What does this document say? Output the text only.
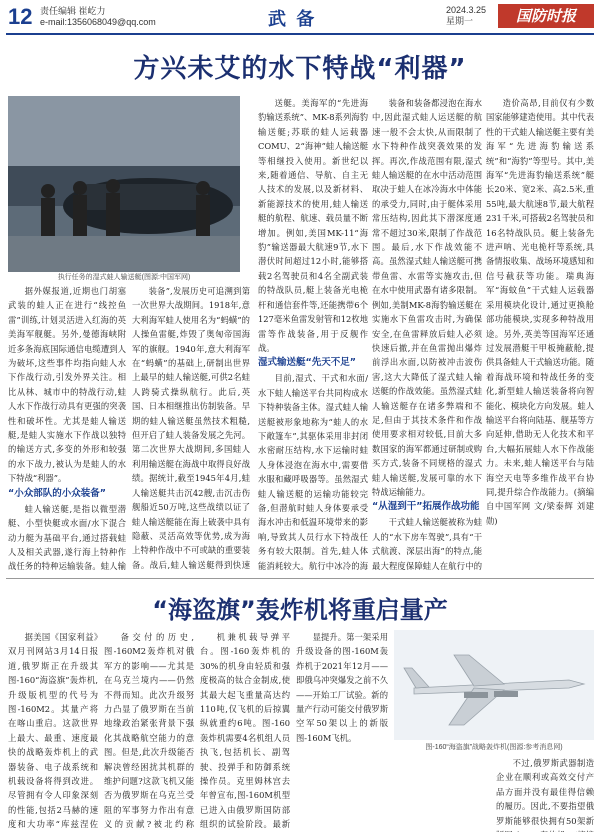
12 责任编辑 崔屹力
e-mail:1356068049@qq.com	武 备	2024.3.25
星期一	国防时报
方兴未艾的水下特战“利器”
执行任务的湿式蛙人输送艇(图源:中国军网)

送艇。美海军的“先进海豹输送系统”、MK-8系列海豹输送艇;苏联的蛙人运载器COMU、2“海神”蛙人输送艇等相继投入使用。新世纪以来,随着通信、导航、自主无人技术的发展,以及新材料、新能源技术的使用,蛙人输送艇的航程、航速、载员量不断增加。例如,美国MK-11“海豹”输送器最大航速9节,水下潜伏时间超过12小时,能够搭载2名驾驶员和4名全副武装的特战队员,艇上装备光电桅杆和通信套件等,还能携带6个127毫米鱼雷发射管和12枚地雷等作战装备,用于反舰作战。

湿式输送艇“先天不足”

目前,湿式、干式和水面/水下蛙人输送平台共同构成水下特种装备主体。湿式蛙人输送艇被形象地称为“蛙人的水下敞篷车”,其驱体采用非封闭水密耐压结构,水下运输时蛙人身体浸泡在海水中,需要借水服和藏呼吸器等。虽然湿式蛙人输送艇的运输功能较完备,但潜航时蛙人身体要承受海水冲击和低温环境带来的影响,导致其人员行水下特战任务有较大限制。首先,蛙人体能消耗较大。航行中冰冷的海

装备和装备都浸泡在海水中,因此湿式蛙人运送艇的航速一般不会太快,从而限制了水下特种作战突袭效果的发挥。再次,作战范围有限,湿式蛙人输送艇的在水中活动范围取决于蛙人在冰冷海水中体能的承受力,同时,由于艇体采用常压结构,因此其下潜深度通常不超过30米,限制了作战范围。最后,水下作战效能不高。虽然湿式蛙人输送艇可携带鱼雷、水雷等实施攻击,但在水中使用武器有诸多限制。例如,美制MK-8海豹输送艇在实施水下鱼雷攻击时,为确保安全,在鱼雷释放后蛙人必须快速后撤,并在鱼雷抛出爆炸前浮出水面,以防被冲击波伤害,这大大降低了湿式蛙人输送艇的作战效能。虽然湿式蛙人输送艇存在诸多弊端和不足,但由于其技术条件和作战使用要求相对较低,目前大多数国家的海军都通过研制或购买方式,装备不同规格的湿式蛙人输送艇,发展可靠的水下特战运输能力。

“从湿到干”拓展作战功能

干式蛙人输送艇被称为蛙人的“水下房车驾驶”,具有“干式航渡、深层出海”的特点,能最大程度保障蛙人在航行中的

造价高昂,目前仅有少数国家能够建造使用。其中代表性的干式蛙人输送艇主要有美海军“先进海豹输送系统”和“海豹”等型号。其中,美海军“先进海豹输送系统”艇长20米、宽2米、高2.5米,重55吨,最大航速8节,最大航程231千米,可搭载2名驾驶员和16名特战队员。艇上装备先进声呐、光电桅杆等系统,具备情报收集、战场环境感知和信号截获等功能。瑞典海军“海蚊鱼”干式蛙人运载器采用模块化设计,通过更换舱部功能模块,实现多种特战用途。另外,英美等国海军还通过发展潜艇干甲板掩蔽舱,提供具备蛙人干式输送功能。随着海战环境和特战任务的变化,新型蛙人输送装备将向智能化、模块化方向发展。蛙人输送平台将向陆基、舰基等方向延伸,借助无人化技术和平台,大幅拓展蛙人水下作战能力。未来,蛙人输送平台与陆海空天电等多维作战平台协同,提升综合作战能力。(摘编自中国军网 文/梁泰辉 刘建勋)

据外媒报道,近期也门胡塞武装的蛙人正在进行“线控鱼雷”训练,计划灵活进入红海的英美海军舰艇。另外,曼德海峡附近多条海底国际通信电缆遭到人为破坏,这些事件均指向蛙人水下作战行动,引发外界关注。相比从林、城市中的特战行动,蛙人水下作战行动具有更强的突袭性和破坏性。尤其是蛙人输送艇,是蛙人实施水下作战以独特的输送方式,多变的外形和较强的水下战力,被认为是蛙人的水下特战“利器”。

“小众部队的小众装备”

蛙人输送艇,是指以微型潜艇、小型快艇或水面/水下混合动力艇为基础平台,通过搭载蛙人及相关武器,遂行海上特种作战任务的特种运输装备。蛙人输

装备”,发展历史可追溯到第一次世界大战期间。1918年,意大利海军蛙人使用名为“蚂蟥”的人操鱼雷艇,炸毁了奥匈帝国海军的旗舰。1940年,意大利海军在“蚂蟥”的基础上,研制出世界上最早的蛙人输送艇,可供2名蛙人跨骑式操纵航行。此后,英国、日本相继推出仿制装备。早期的蛙人输送艇虽然技术粗糙,但开启了蛙人装备发展之先河。第二次世界大战期间,多国蛙人利用输送艇在海战中取得良好战绩。据统计,截至1945年4月,蛙人输送艇共击沉42艘,击沉击伤舰船近50万吨,这些战绩以证了蛙人输送艇能在海上破袭中具有隐蔽、灵活高效等优势,成为海上特种作战中不可或缺的重要装备。战后,蛙人输送艇得到快速

“海盗旗”轰炸机将重启量产

据美国《国家利益》双月刊网站3月14日报道,俄罗斯正在升级其图-160“海盗旗”轰炸机,升级版机型的代号为图-160M2。其量产将在喀山重启。这款世界上最大、最重、速度最快的战略轰炸机上的武器装备、电子战系统和机载设备将得到改进。尽管拥有令人印象深刻的性能,包括2马赫的速度和大功率“库兹涅佐

备交付的历史,图-160M2轰炸机对俄军方的影响——尤其是在乌克兰境内——仍然不得而知。此次升级努力凸显了俄罗斯在当前地缘政治紧张背景下强化其战略航空能力的意图。但是,此次升级能否解决曾经困扰其机群的维护问题?这款飞机又能否为俄罗斯在乌克兰受阻的军事努力作出有意义的贡献?被北约称

机兼机载导弹平台。图-160轰炸机的30%的机身由轻质和强度极高的钛合金制成,使其最大起飞重量高达约110吨,仅飞机的后掠翼纵就重约6吨。图-160轰炸机需要4名机组人员执飞,包括机长、副驾驶、投弹手和防御系统操作员。克里姆林宫去年曾宣布,图-160M机型已进入由俄罗斯国防部组织的试验阶段。最新

显提升。第一架采用升级设备的图-160M轰炸机于2021年12月——即俄乌冲突爆发之前不久——开始工厂试验。新的量产行动可能交付俄罗斯空军50架以上的新版图-160M飞机。

图-160“海盗旗”战略轰炸机(图源:参考消息网)

不过,俄罗斯武器制造企业在顺利或高效交付产品方面并没有最佳得信赖的履历。因此,不要指望俄罗斯能够很快拥有50架新
